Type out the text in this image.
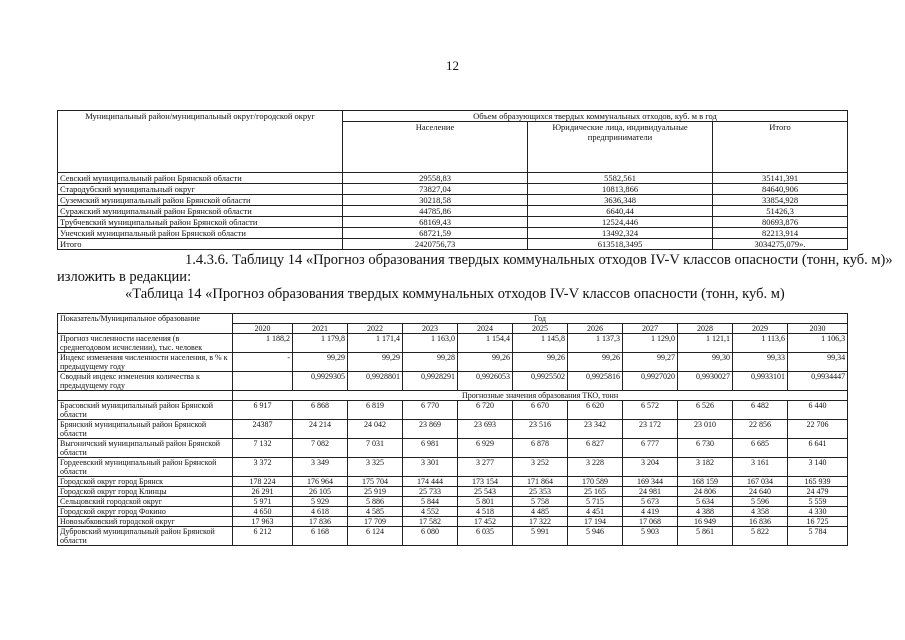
12
Муниципальный район/муниципальный округ/городской округ	Объем образующихся твердых коммунальных отходов, куб. м в год		
	Население	Юридические лица, индивидуальные предприниматели	Итого
Севский муниципальный район Брянской области	29558,83	5582,561	35141,391
Стародубский муниципальный округ	73827,04	10813,866	84640,906
Суземский муниципальный район Брянской области	30218,58	3636,348	33854,928
Суражский муниципальный район Брянской области	44785,86	6640,44	51426,3
Трубчевский муниципальный район Брянской области	68169,43	12524,446	80693,876
Унечский муниципальный район Брянской области	68721,59	13492,324	82213,914
Итого	2420756,73	613518,3495	3034275,079».
1.4.3.6. Таблицу 14 «Прогноз образования твердых коммунальных отходов IV-V классов опасности (тонн, куб. м)»
изложить в редакции:
«Таблица 14 «Прогноз образования твердых коммунальных отходов IV-V классов опасности (тонн, куб. м)
Показатель/Муниципальное образование	Год										
	2020	2021	2022	2023	2024	2025	2026	2027	2028	2029	2030
Прогноз численности населения (в среднегодовом исчислении), тыс. человек	1 188,2	1 179,8	1 171,4	1 163,0	1 154,4	1 145,8	1 137,3	1 129,0	1 121,1	1 113,6	1 106,3
Индекс изменения численности населения, в % к предыдущему году	-	99,29	99,29	99,28	99,26	99,26	99,26	99,27	99,30	99,33	99,34
Сводный индекс изменения количества к предыдущему году		0,9929305	0,9928801	0,9928291	0,9926053	0,9925502	0,9925816	0,9927020	0,9930027	0,9933101	0,9934447
	Прогнозные значения образования ТКО, тонн										
Брасовский муниципальный район Брянской области	6 917	6 868	6 819	6 770	6 720	6 670	6 620	6 572	6 526	6 482	6 440
Брянский муниципальный район Брянской области	24387	24 214	24 042	23 869	23 693	23 516	23 342	23 172	23 010	22 856	22 706
Выгоничский муниципальный район Брянской области	7 132	7 082	7 031	6 981	6 929	6 878	6 827	6 777	6 730	6 685	6 641
Гордеевский муниципальный район Брянской области	3 372	3 349	3 325	3 301	3 277	3 252	3 228	3 204	3 182	3 161	3 140
Городской округ город Брянск	178 224	176 964	175 704	174 444	173 154	171 864	170 589	169 344	168 159	167 034	165 939
Городской округ город Клинцы	26 291	26 105	25 919	25 733	25 543	25 353	25 165	24 981	24 806	24 640	24 479
Сельцовский городской округ	5 971	5 929	5 886	5 844	5 801	5 758	5 715	5 673	5 634	5 596	5 559
Городской округ город Фокино	4 650	4 618	4 585	4 552	4 518	4 485	4 451	4 419	4 388	4 358	4 330
Новозыбковский городской округ	17 963	17 836	17 709	17 582	17 452	17 322	17 194	17 068	16 949	16 836	16 725
Дубровский муниципальный район Брянской области	6 212	6 168	6 124	6 080	6 035	5 991	5 946	5 903	5 861	5 822	5 784
